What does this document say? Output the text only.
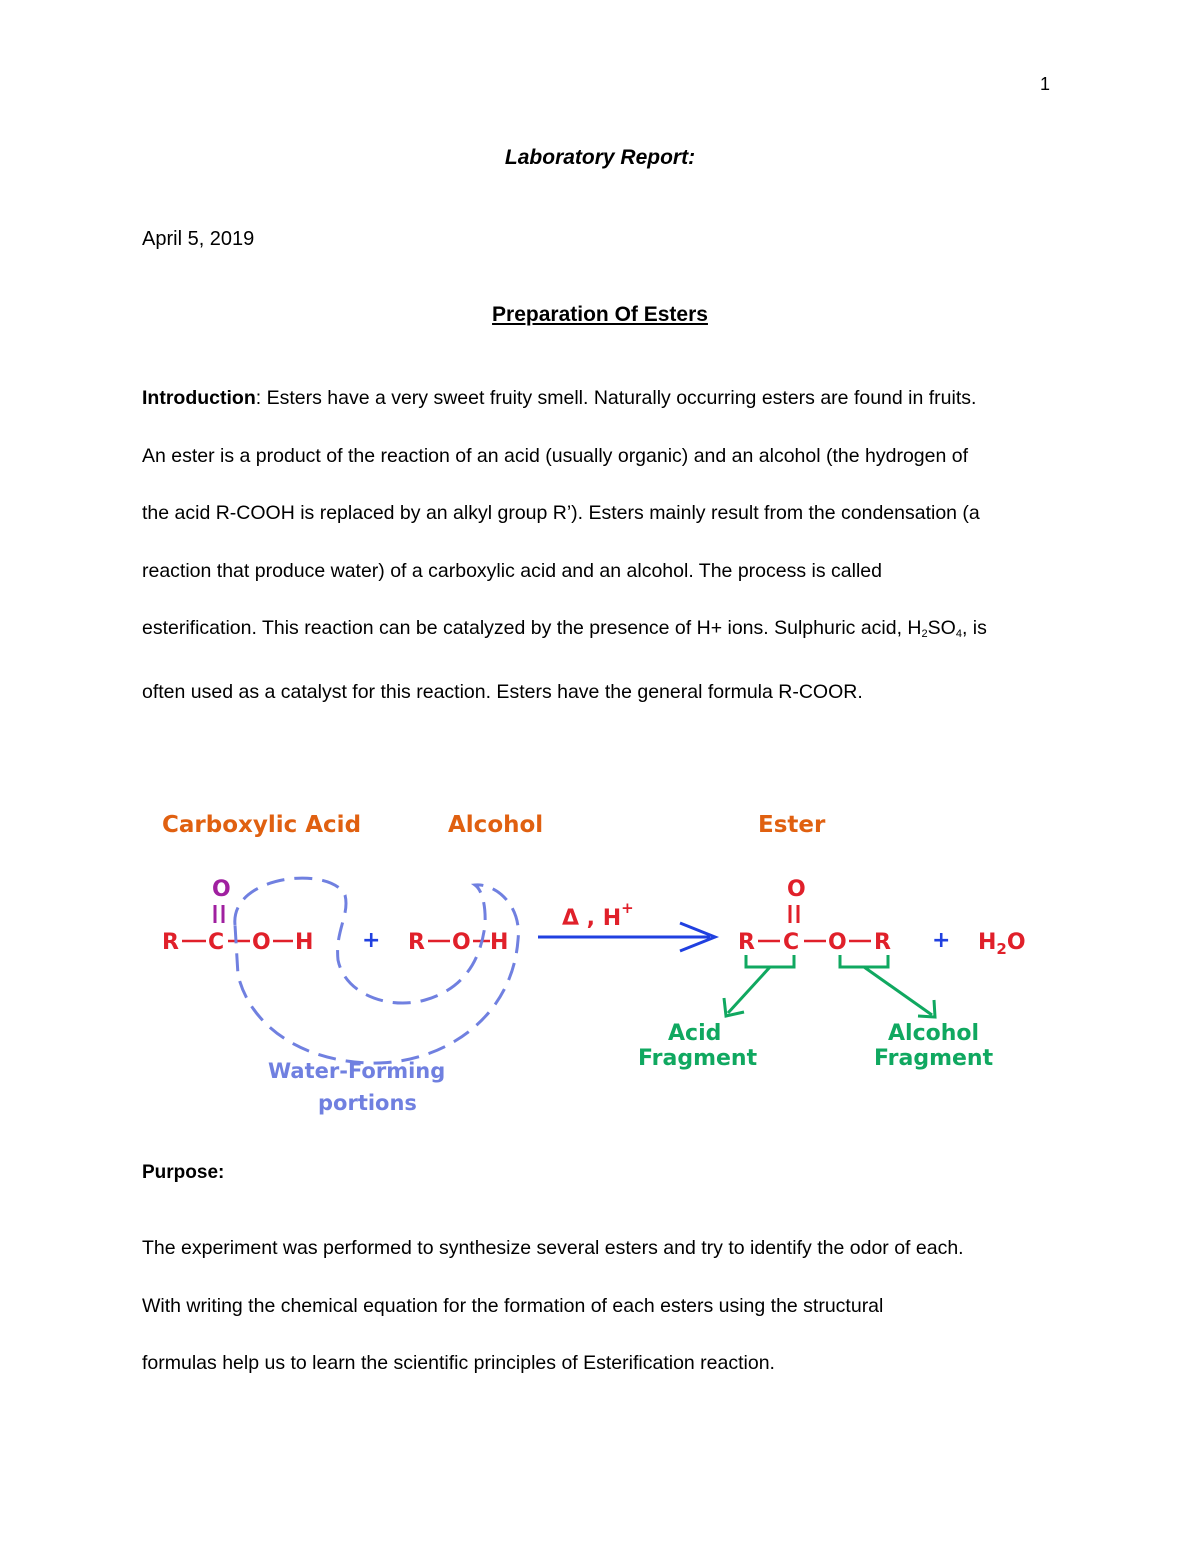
1
Laboratory Report:
April 5, 2019
Preparation Of Esters

Introduction: Esters have a very sweet fruity smell. Naturally occurring esters are found in fruits.
An ester is a product of the reaction of an acid (usually organic) and an alcohol (the hydrogen of
the acid R-COOH is replaced by an alkyl group R’). Esters mainly result from the condensation (a
reaction that produce water) of a carboxylic acid and an alcohol. The process is called
esterification. This reaction can be catalyzed by the presence of H+ ions. Sulphuric acid, $H_2SO_4$, is
often used as a catalyst for this reaction. Esters have the general formula R-COOR.

Carboxylic Acid	Alcohol	Ester
O
R C O H + R O H
Δ , H+
O
R C O $R + H_2O$
Acid
Fragment
Alcohol
Fragment
Water-Forming
portions
Purpose:

The experiment was performed to synthesize several esters and try to identify the odor of each.
With writing the chemical equation for the formation of each esters using the structural
formulas help us to learn the scientific principles of Esterification reaction.
